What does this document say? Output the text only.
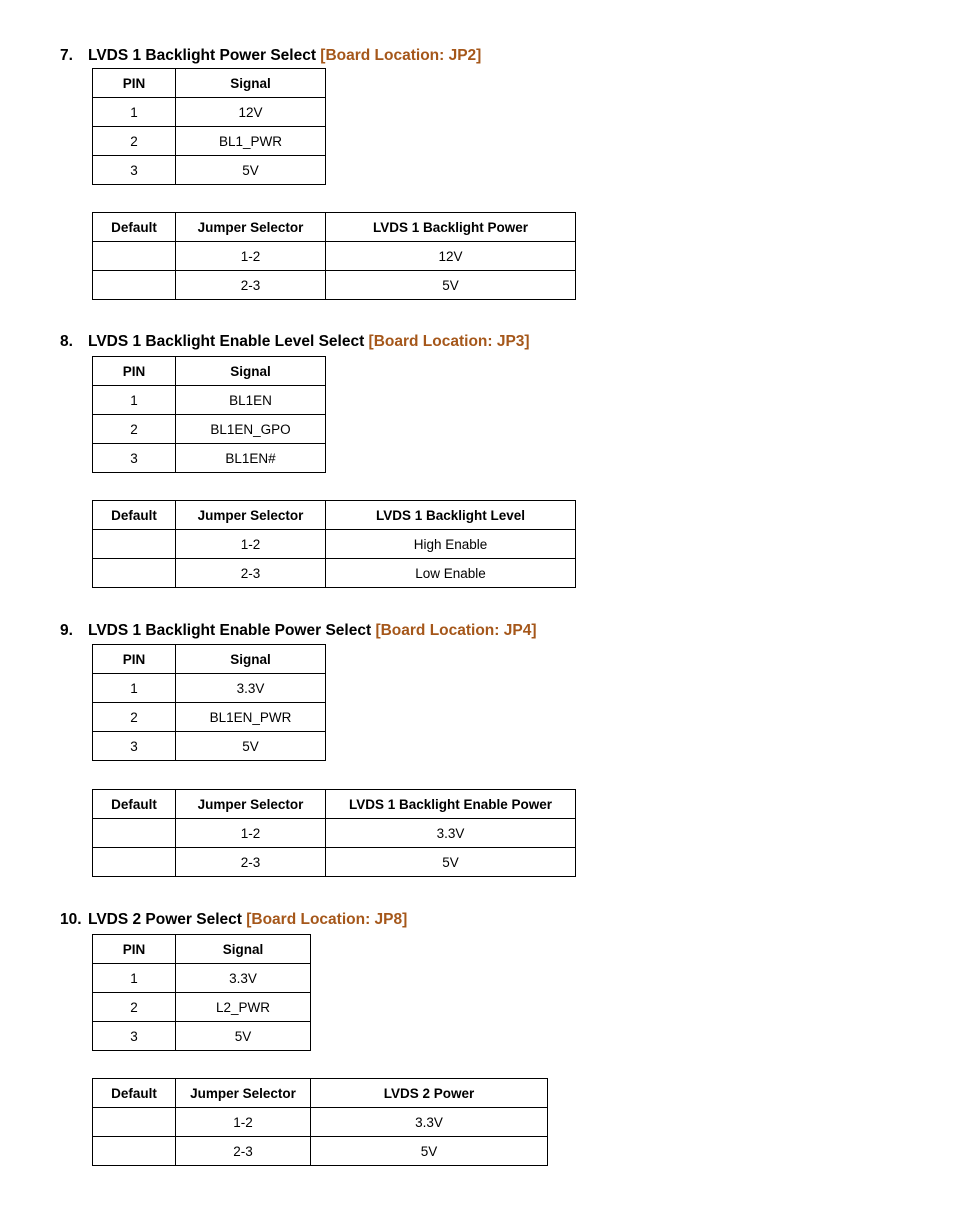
7. LVDS 1 Backlight Power Select [Board Location: JP2]
PIN	Signal
1	12V
2	BL1_PWR
3	5V
Default	Jumper Selector	LVDS 1 Backlight Power
	1-2	12V
	2-3	5V
8. LVDS 1 Backlight Enable Level Select [Board Location: JP3]
PIN	Signal
1	BL1EN
2	BL1EN_GPO
3	BL1EN#
Default	Jumper Selector	LVDS 1 Backlight Level
	1-2	High Enable
	2-3	Low Enable
9. LVDS 1 Backlight Enable Power Select [Board Location: JP4]
PIN	Signal
1	3.3V
2	BL1EN_PWR
3	5V
Default	Jumper Selector	LVDS 1 Backlight Enable Power
	1-2	3.3V
	2-3	5V
10. LVDS 2 Power Select [Board Location: JP8]
PIN	Signal
1	3.3V
2	L2_PWR
3	5V
Default	Jumper Selector	LVDS 2 Power
	1-2	3.3V
	2-3	5V
